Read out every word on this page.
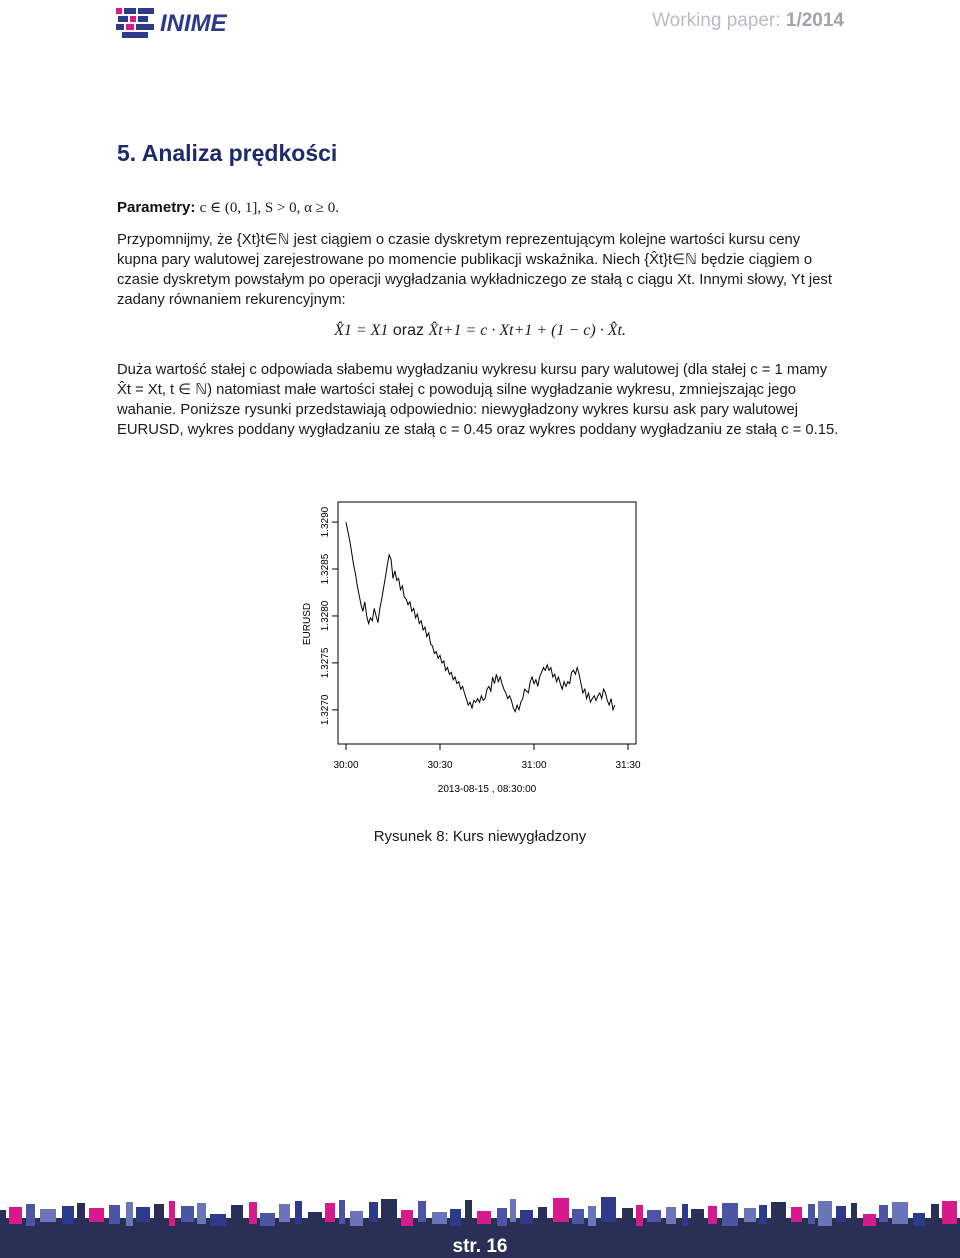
INIME	Working paper: 1/2014
5. Analiza prędkości
Parametry: c ∈ (0, 1], S > 0, α ≥ 0.
Przypomnijmy, że {Xt}t∈ℕ jest ciągiem o czasie dyskretym reprezentującym kolejne wartości kursu ceny
kupna pary walutowej zarejestrowane po momencie publikacji wskaźnika. Niech {X̂t}t∈ℕ będzie ciągiem o
czasie dyskretym powstałym po operacji wygładzania wykładniczego ze stałą c ciągu Xt. Innymi słowy, Yt jest
zadany równaniem rekurencyjnym:
X̂1 = X1 oraz X̂t+1 = c · Xt+1 + (1 − c) · X̂t.
Duża wartość stałej c odpowiada słabemu wygładzaniu wykresu kursu pary walutowej (dla stałej c = 1 mamy
X̂t = Xt, t ∈ ℕ) natomiast małe wartości stałej c powodują silne wygładzanie wykresu, zmniejszając jego
wahanie. Poniższe rysunki przedstawiają odpowiednio: niewygładzony wykres kursu ask pary walutowej
EURUSD, wykres poddany wygładzaniu ze stałą c = 0.45 oraz wykres poddany wygładzaniu ze stałą c = 0.15.
1.3270
1.3275
1.3280
1.3285
1.3290
30:00	30:30	31:00	31:30
EURUSD
2013-08-15 , 08:30:00
Rysunek 8: Kurs niewygładzony
str. 16
